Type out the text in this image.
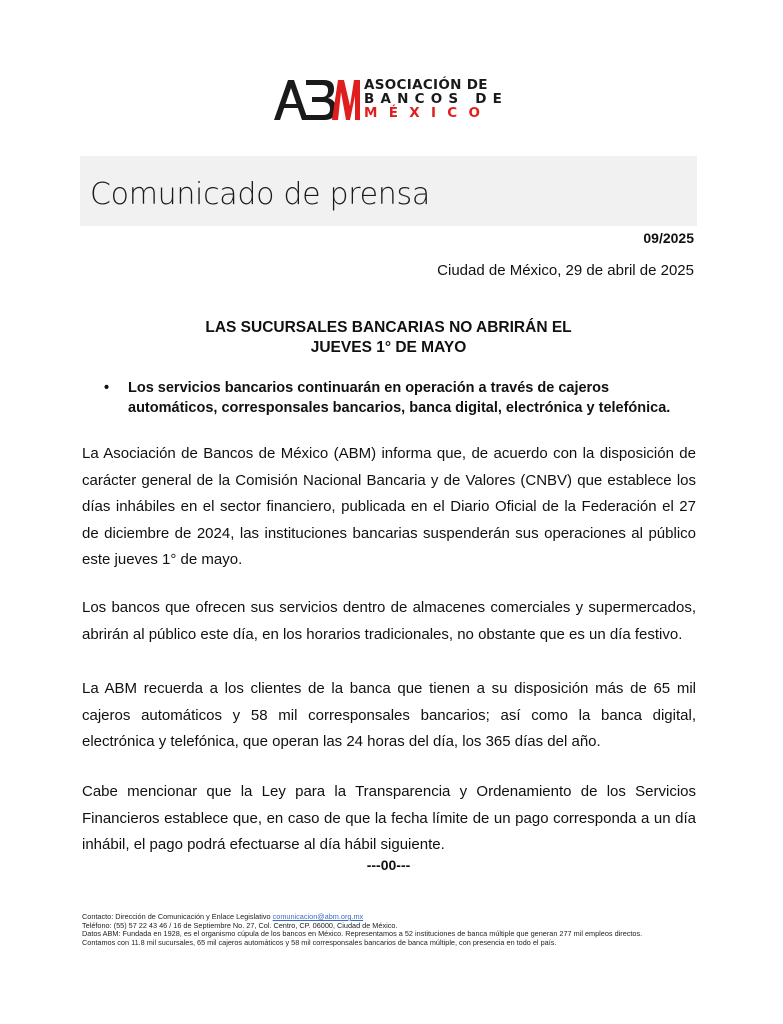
ASOCIACIÓN DE
BANCOS DE
MÉXICO
Comunicado de prensa
09/2025
Ciudad de México, 29 de abril de 2025
LAS SUCURSALES BANCARIAS NO ABRIRÁN EL
JUEVES 1° DE MAYO
• Los servicios bancarios continuarán en operación a través de cajeros automáticos, corresponsales bancarios, banca digital, electrónica y telefónica.

La Asociación de Bancos de México (ABM) informa que, de acuerdo con la disposición de carácter general de la Comisión Nacional Bancaria y de Valores (CNBV) que establece los días inhábiles en el sector financiero, publicada en el Diario Oficial de la Federación el 27 de diciembre de 2024, las instituciones bancarias suspenderán sus operaciones al público este jueves 1° de mayo.

Los bancos que ofrecen sus servicios dentro de almacenes comerciales y supermercados, abrirán al público este día, en los horarios tradicionales, no obstante que es un día festivo.

La ABM recuerda a los clientes de la banca que tienen a su disposición más de 65 mil cajeros automáticos y 58 mil corresponsales bancarios; así como la banca digital, electrónica y telefónica, que operan las 24 horas del día, los 365 días del año.

Cabe mencionar que la Ley para la Transparencia y Ordenamiento de los Servicios Financieros establece que, en caso de que la fecha límite de un pago corresponda a un día inhábil, el pago podrá efectuarse al día hábil siguiente.

---00---
Contacto: Dirección de Comunicación y Enlace Legislativo comunicacion@abm.org.mx
Teléfono: (55) 57 22 43 46 / 16 de Septiembre No. 27, Col. Centro, CP. 06000, Ciudad de México.
Datos ABM: Fundada en 1928, es el organismo cúpula de los bancos en México. Representamos a 52 instituciones de banca múltiple que generan 277 mil empleos directos.
Contamos con 11.8 mil sucursales, 65 mil cajeros automáticos y 58 mil corresponsales bancarios de banca múltiple, con presencia en todo el país.
